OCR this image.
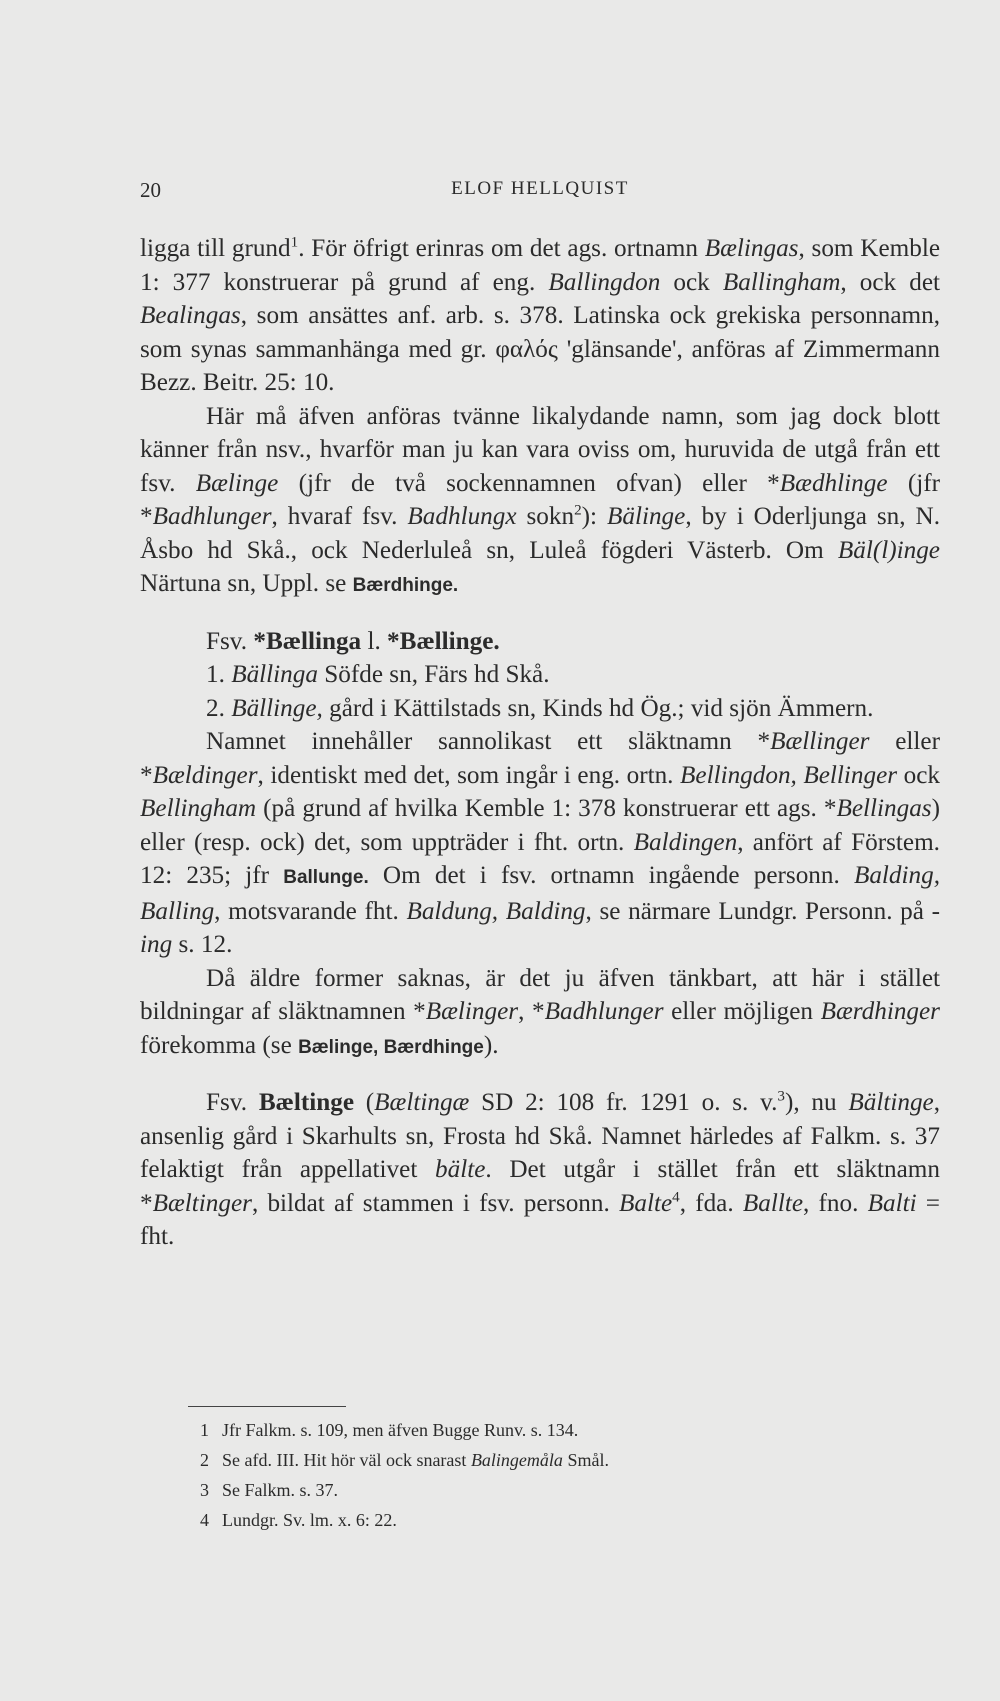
20	ELOF HELLQUIST

ligga till grund$^1$. För öfrigt erinras om det ags. ortnamn Bælingas, som Kemble 1: 377 konstruerar på grund af eng. Ballingdon ock Ballingham, ock det Bealingas, som ansättes anf. arb. s. 378. Latinska ock grekiska personnamn, som synas sammanhänga med gr. φαλός 'glänsande', anföras af Zimmermann Bezz. Beitr. 25: 10.

Här må äfven anföras tvänne likalydande namn, som jag dock blott känner från nsv., hvarför man ju kan vara oviss om, huruvida de utgå från ett fsv. Bælinge (jfr de två sockennamnen ofvan) eller *Bædhlinge (jfr *Badhlunger, hvaraf fsv. Badhlungx sokn$^2$): Bälinge, by i Oderljunga sn, N. Åsbo hd Skå., ock Nederluleå sn, Luleå fögderi Västerb. Om Bäl(l)inge Närtuna sn, Uppl. se Bærdhinge.

Fsv. *Bællinga l. *Bællinge.

1. Bällinga Söfde sn, Färs hd Skå.

2. Bällinge, gård i Kättilstads sn, Kinds hd Ög.; vid sjön Ämmern.

Namnet innehåller sannolikast ett släktnamn *Bællinger eller *Bældinger, identiskt med det, som ingår i eng. ortn. Bellingdon, Bellinger ock Bellingham (på grund af hvilka Kemble 1: 378 konstruerar ett ags. *Bellingas) eller (resp. ock) det, som uppträder i fht. ortn. Baldingen, anfört af Förstem. 12: 235; jfr Ballunge. Om det i fsv. ortnamn ingående personn. Balding, Balling, motsvarande fht. Baldung, Balding, se närmare Lundgr. Personn. på -ing s. 12.

Då äldre former saknas, är det ju äfven tänkbart, att här i stället bildningar af släktnamnen *Bælinger, *Badhlunger eller möjligen Bærdhinger förekomma (se Bælinge, Bærdhinge).

Fsv. Bæltinge (Bæltingæ SD 2: 108 fr. 1291 o. s. v.$^3$), nu Bältinge, ansenlig gård i Skarhults sn, Frosta hd Skå. Namnet härledes af Falkm. s. 37 felaktigt från appellativet bälte. Det utgår i stället från ett släktnamn *Bæltinger, bildat af stammen i fsv. personn. Balte$^4$, fda. Ballte, fno. Balti = fht.

1 Jfr Falkm. s. 109, men äfven Bugge Runv. s. 134.

2 Se afd. III. Hit hör väl ock snarast Balingemåla Smål.

3 Se Falkm. s. 37.

4 Lundgr. Sv. lm. x. 6: 22.
